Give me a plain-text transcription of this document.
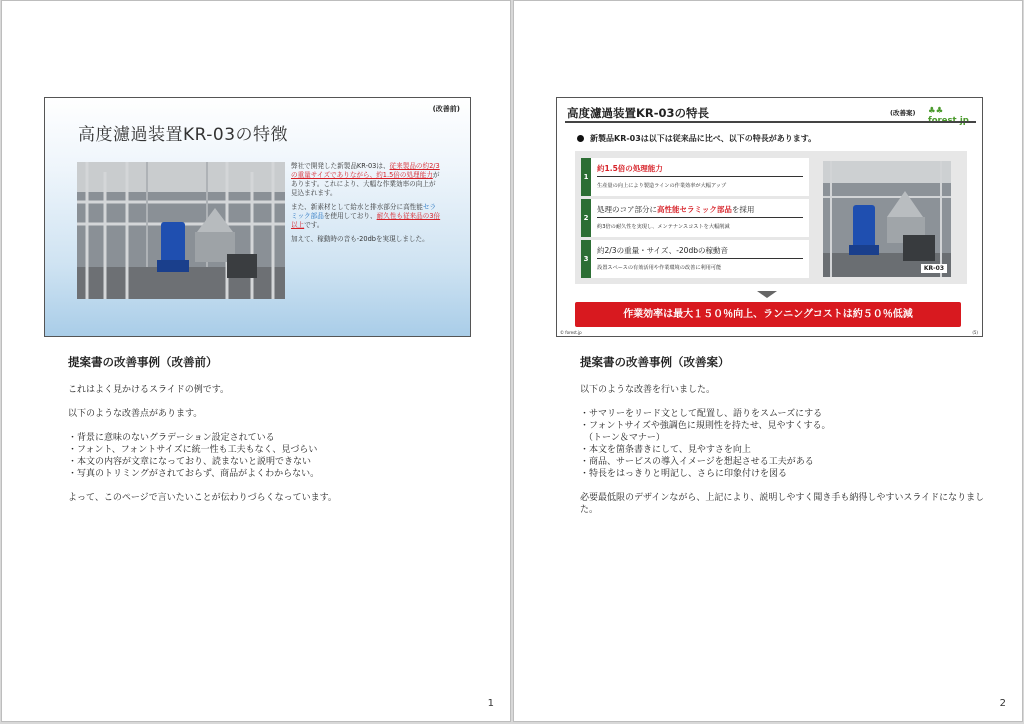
(改善前)
高度濾過装置KR-03の特徴

弊社で開発した新製品KR-03は、従来製品の約2/3の重量サイズでありながら、約1.5倍の処理能力があります。これにより、大幅な作業効率の向上が見込まれます。

また、新素材として給水と排水部分に高性能セラミック部品を使用しており、耐久性も従来品の3倍以上です。

加えて、稼動時の音も-20dbを実現しました。

提案書の改善事例（改善前）

これはよく見かけるスライドの例です。

以下のような改善点があります。

・背景に意味のないグラデーション設定されている
・フォント、フォントサイズに統一性も工夫もなく、見づらい
・本文の内容が文章になっており、読まないと説明できない
・写真のトリミングがされておらず、商品がよくわからない。

よって、このページで言いたいことが伝わりづらくなっています。

1
高度濾過装置KR-03の特長	(改善案) ♣♣
新製品KR-03は以下は従来品に比べ、以下の特長があります。
1
約1.5倍の処理能力
生産量の向上により製造ラインの作業効率が大幅アップ
2
処理のコア部分に高性能セラミック部品を採用
約3倍の耐久性を実現し、メンテナンスコストを大幅削減
3
約2/3の重量・サイズ、-20dbの稼動音
設置スペースの有効活用や作業環境の改善に利用可能	KR-03
作業効率は最大１５０％向上、ランニングコストは約５０％低減
© forest.jp	(5)
提案書の改善事例（改善案）

以下のような改善を行いました。

・サマリーをリード文として配置し、語りをスムーズにする
・フォントサイズや強調色に規則性を持たせ、見やすくする。
（トーン＆マナー）
・本文を箇条書きにして、見やすさを向上
・商品、サービスの導入イメージを想起させる工夫がある
・特長をはっきりと明記し、さらに印象付けを図る

必要最低限のデザインながら、上記により、説明しやすく聞き手も納得しやすいスライドになりました。

2
